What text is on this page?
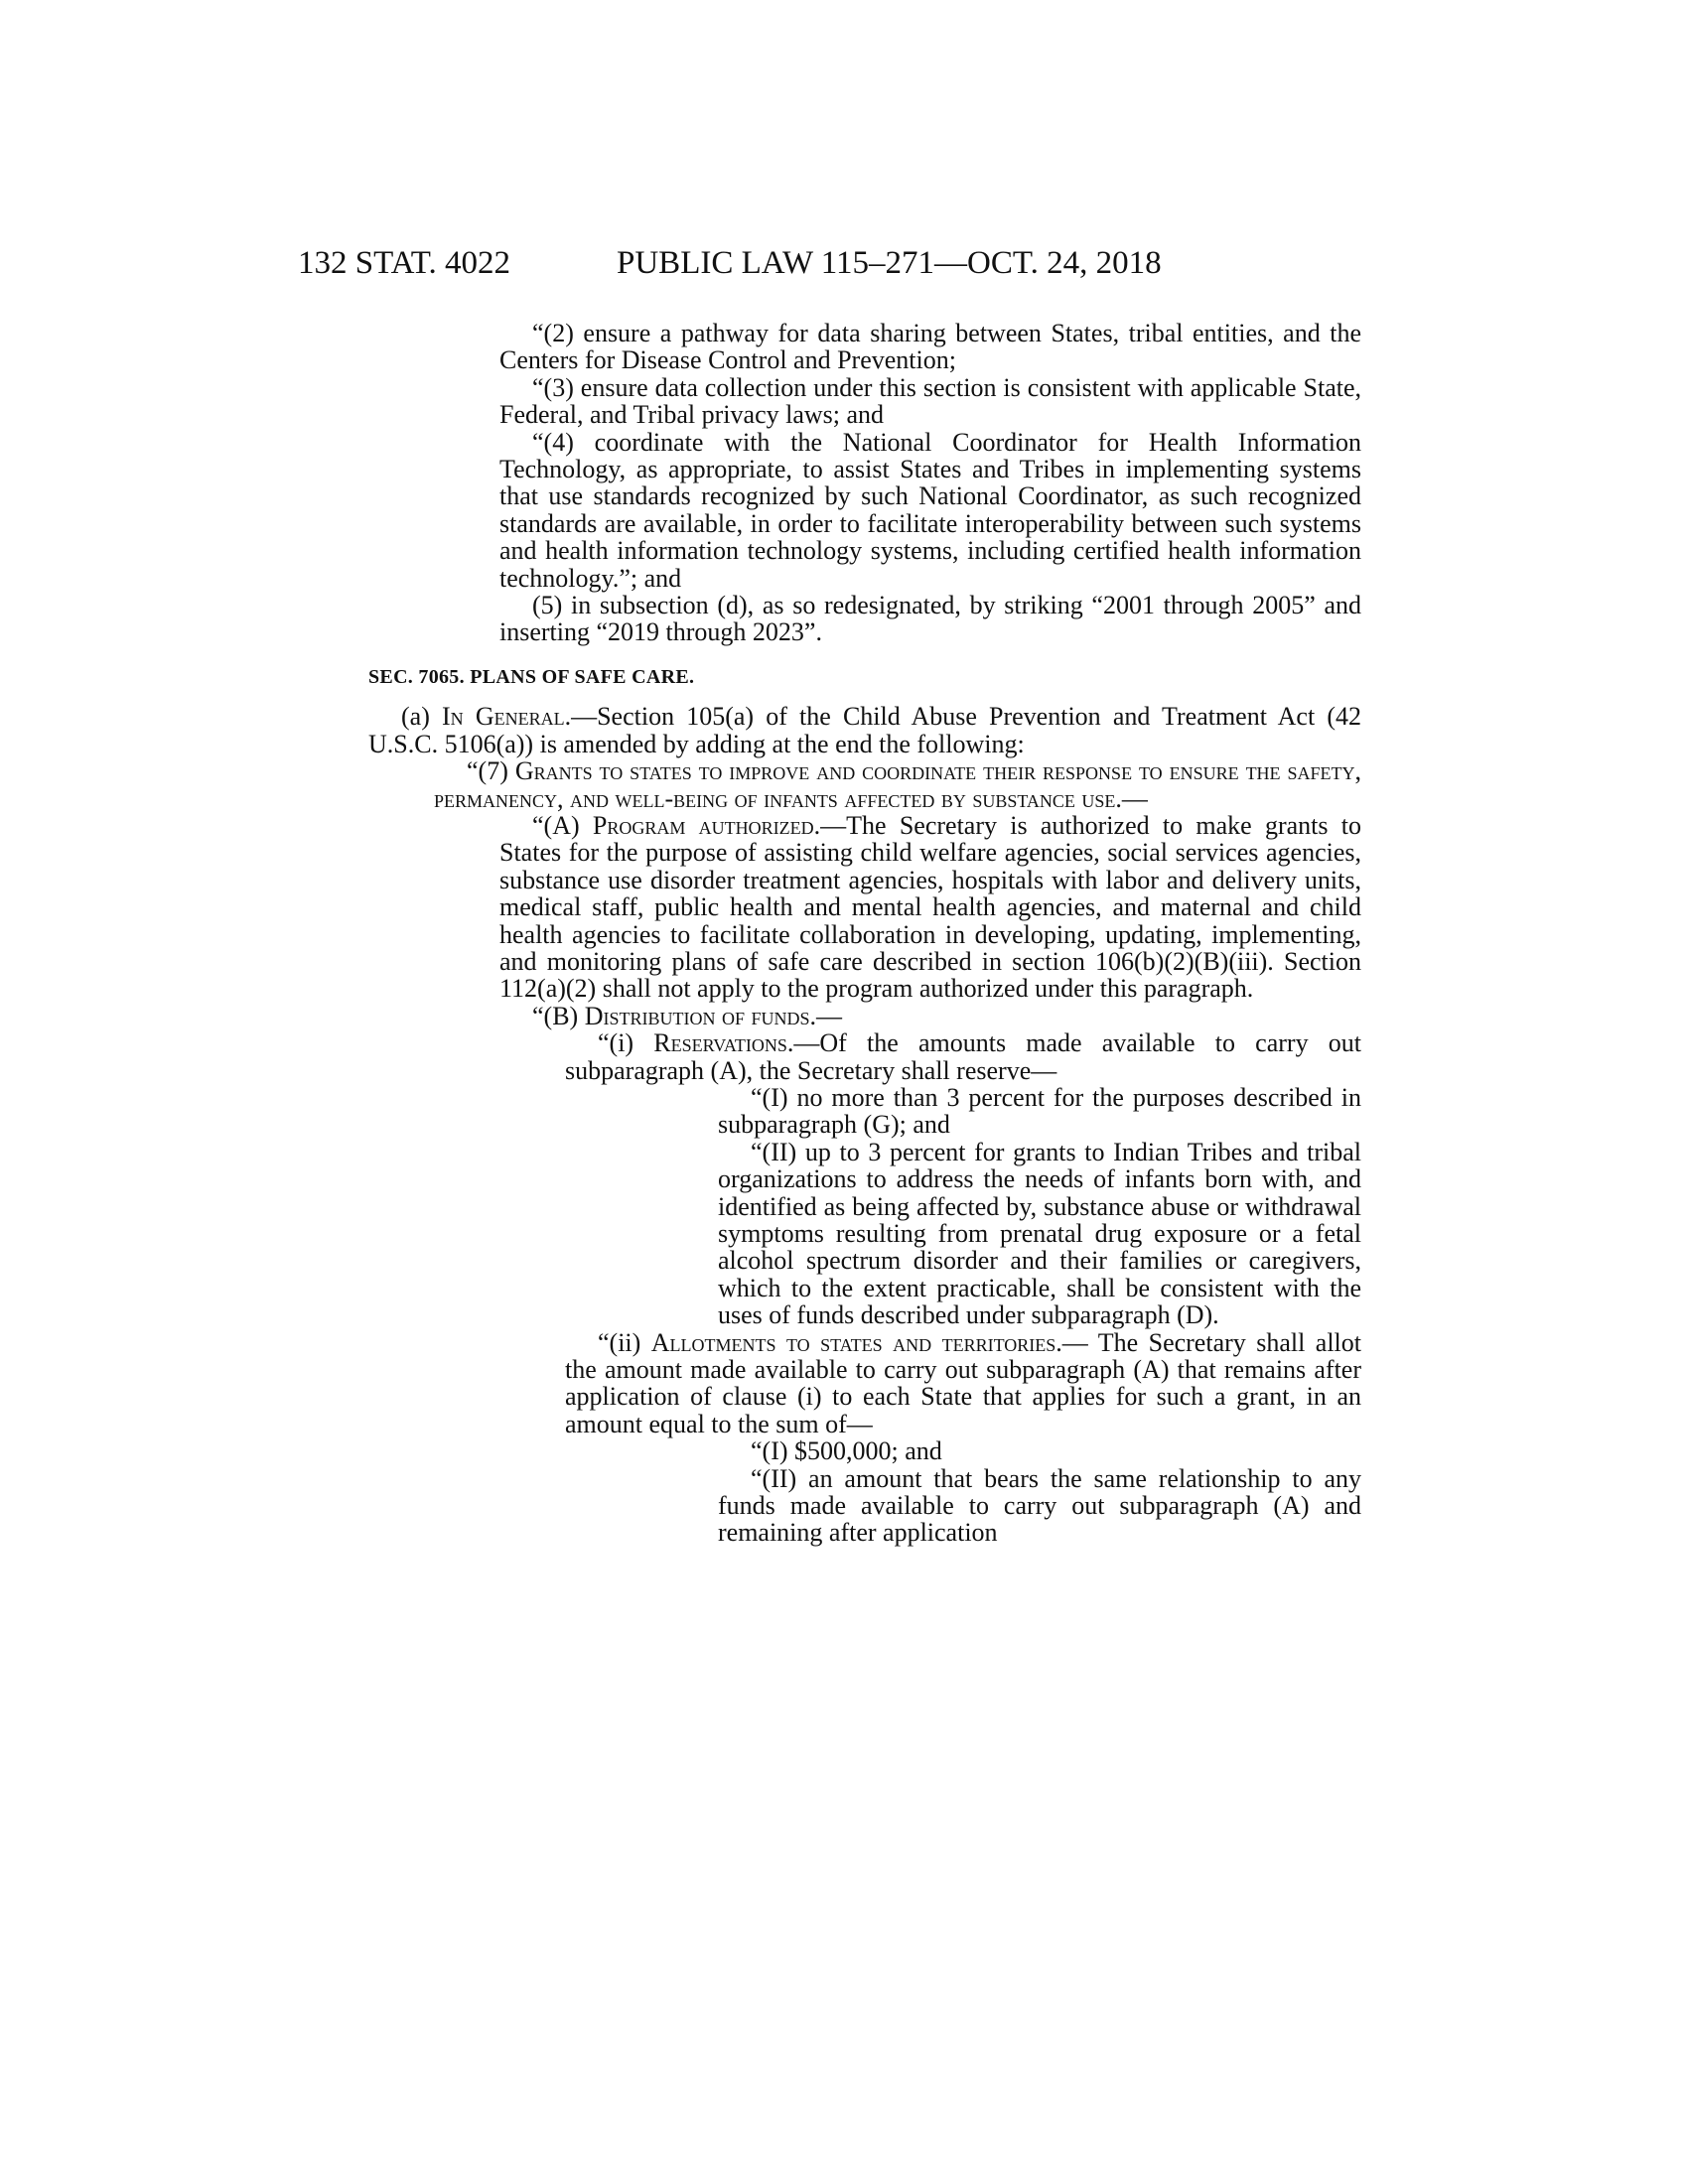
132 STAT. 4022	PUBLIC LAW 115–271—OCT. 24, 2018

“(2) ensure a pathway for data sharing between States, tribal entities, and the Centers for Disease Control and Prevention;

“(3) ensure data collection under this section is consistent with applicable State, Federal, and Tribal privacy laws; and

“(4) coordinate with the National Coordinator for Health Information Technology, as appropriate, to assist States and Tribes in implementing systems that use standards recognized by such National Coordinator, as such recognized standards are available, in order to facilitate interoperability between such systems and health information technology systems, including certified health information technology.”; and

(5) in subsection (d), as so redesignated, by striking “2001 through 2005” and inserting “2019 through 2023”.

SEC. 7065. PLANS OF SAFE CARE.

(a) In General.—Section 105(a) of the Child Abuse Prevention and Treatment Act (42 U.S.C. 5106(a)) is amended by adding at the end the following:

“(7) Grants to states to improve and coordinate their response to ensure the safety, permanency, and well-being of infants affected by substance use.—

“(A) Program authorized.—The Secretary is authorized to make grants to States for the purpose of assisting child welfare agencies, social services agencies, substance use disorder treatment agencies, hospitals with labor and delivery units, medical staff, public health and mental health agencies, and maternal and child health agencies to facilitate collaboration in developing, updating, implementing, and monitoring plans of safe care described in section 106(b)(2)(B)(iii). Section 112(a)(2) shall not apply to the program authorized under this paragraph.

“(B) Distribution of funds.—

“(i) Reservations.—Of the amounts made available to carry out subparagraph (A), the Secretary shall reserve—

“(I) no more than 3 percent for the purposes described in subparagraph (G); and

“(II) up to 3 percent for grants to Indian Tribes and tribal organizations to address the needs of infants born with, and identified as being affected by, substance abuse or withdrawal symptoms resulting from prenatal drug exposure or a fetal alcohol spectrum disorder and their families or caregivers, which to the extent practicable, shall be consistent with the uses of funds described under subparagraph (D).

“(ii) Allotments to states and territories.— The Secretary shall allot the amount made available to carry out subparagraph (A) that remains after application of clause (i) to each State that applies for such a grant, in an amount equal to the sum of—

“(I) $500,000; and

“(II) an amount that bears the same relationship to any funds made available to carry out subparagraph (A) and remaining after application
